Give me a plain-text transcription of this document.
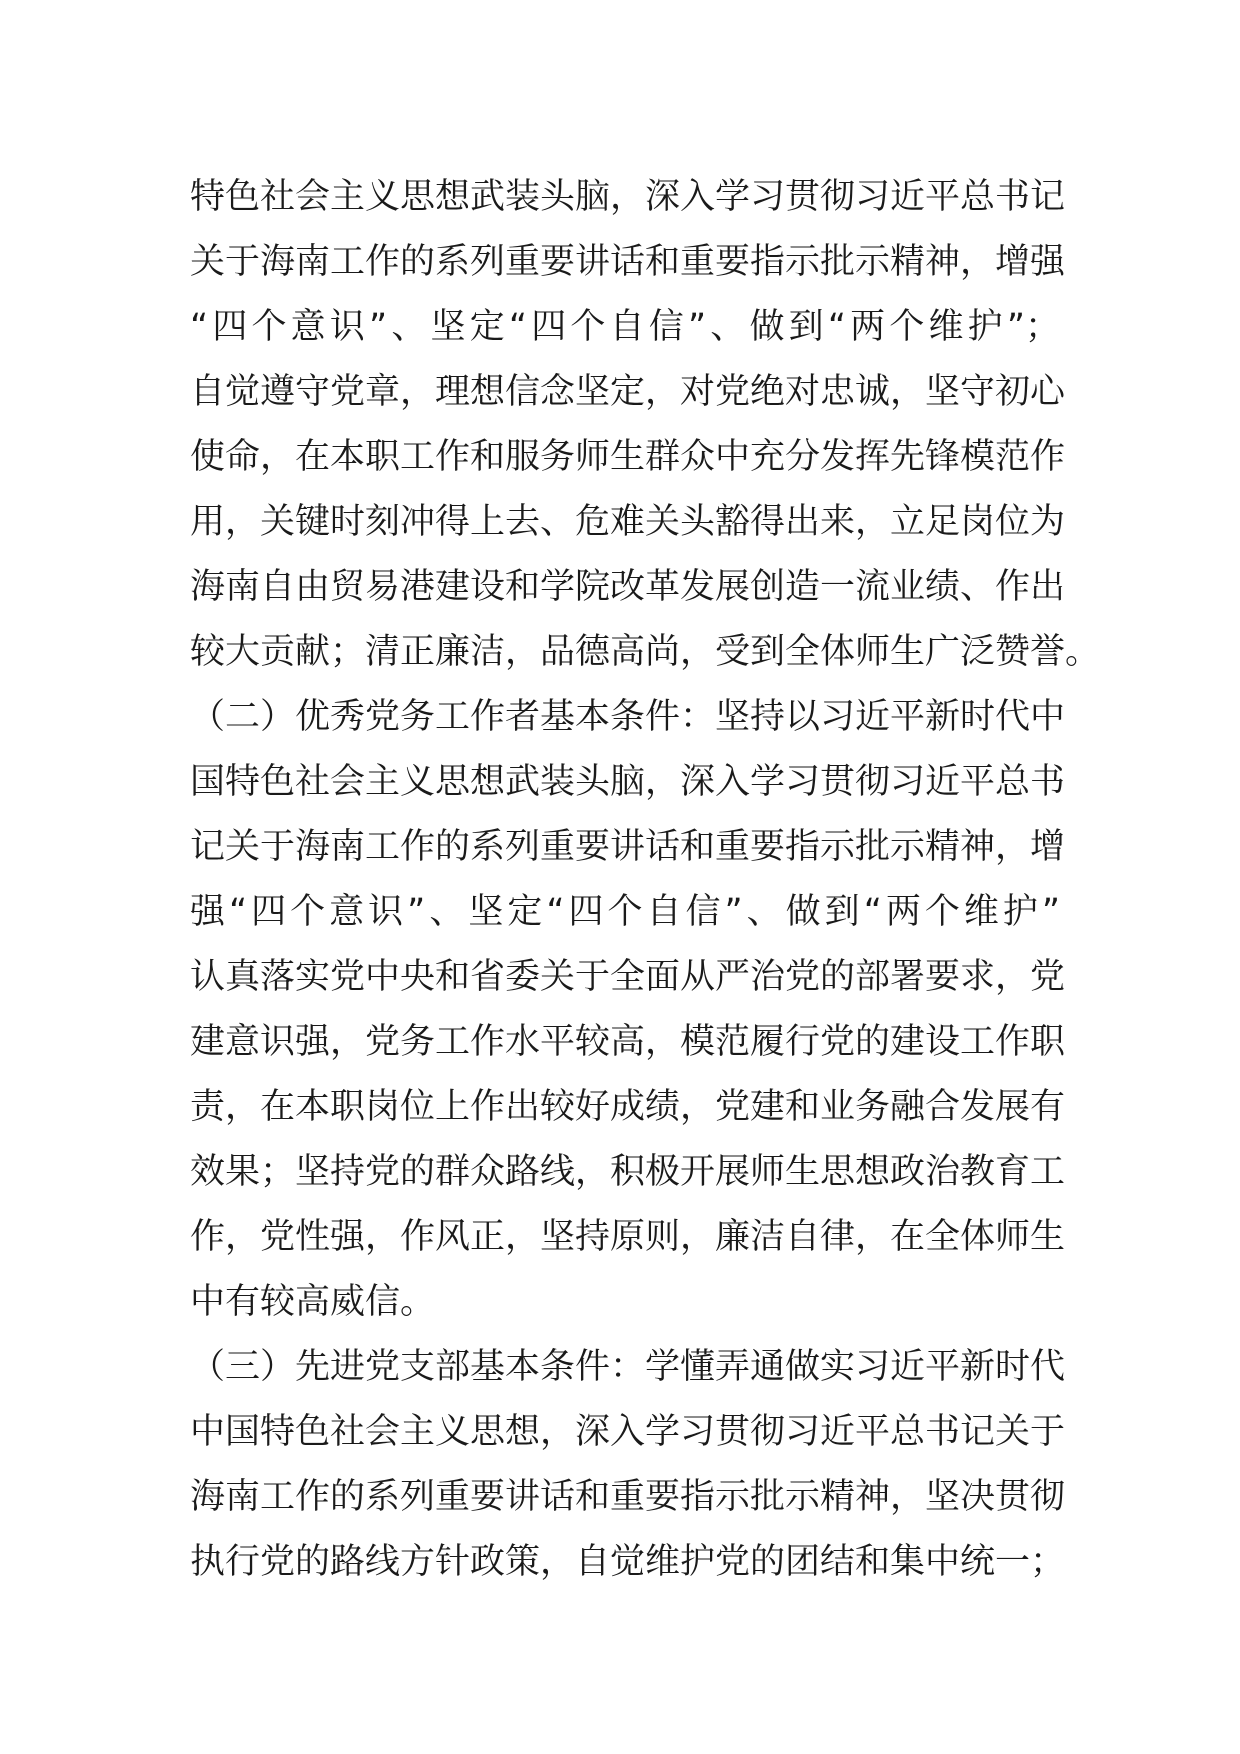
特色社会主义思想武装头脑，深入学习贯彻习近平总书记
关于海南工作的系列重要讲话和重要指示批示精神，增强
“四个意识”、坚定“四个自信”、做到“两个维护”；
自觉遵守党章，理想信念坚定，对党绝对忠诚，坚守初心
使命，在本职工作和服务师生群众中充分发挥先锋模范作
用，关键时刻冲得上去、危难关头豁得出来，立足岗位为
海南自由贸易港建设和学院改革发展创造一流业绩、作出
较大贡献；清正廉洁，品德高尚，受到全体师生广泛赞誉。
（二）优秀党务工作者基本条件：坚持以习近平新时代中
国特色社会主义思想武装头脑，深入学习贯彻习近平总书
记关于海南工作的系列重要讲话和重要指示批示精神，增
强“四个意识”、坚定“四个自信”、做到“两个维护”
认真落实党中央和省委关于全面从严治党的部署要求，党
建意识强，党务工作水平较高，模范履行党的建设工作职
责，在本职岗位上作出较好成绩，党建和业务融合发展有
效果；坚持党的群众路线，积极开展师生思想政治教育工
作，党性强，作风正，坚持原则，廉洁自律，在全体师生
中有较高威信。
（三）先进党支部基本条件：学懂弄通做实习近平新时代
中国特色社会主义思想，深入学习贯彻习近平总书记关于
海南工作的系列重要讲话和重要指示批示精神，坚决贯彻
执行党的路线方针政策，自觉维护党的团结和集中统一；
